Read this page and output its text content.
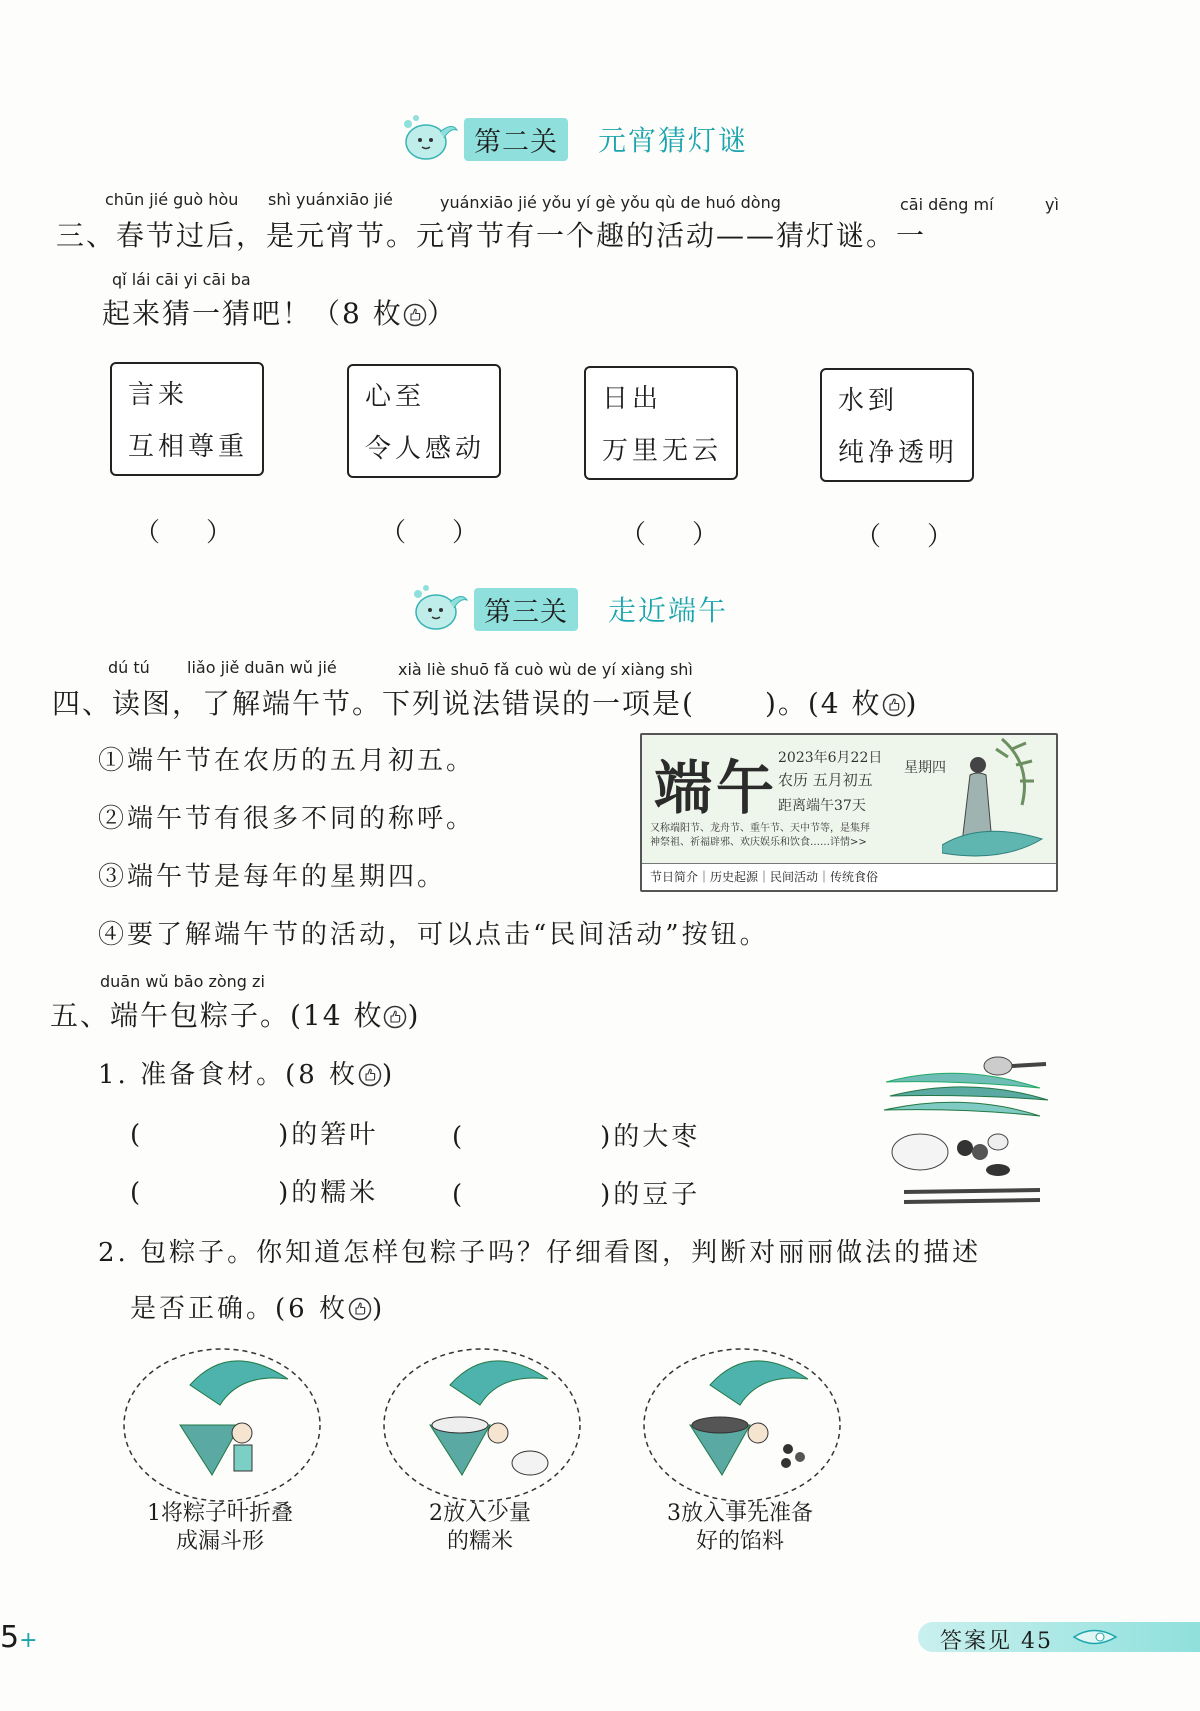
第二关	元宵猜灯谜
chūn jié guò hòu shì yuánxiāo jié	yuánxiāo jié yǒu yí gè yǒu qù de huó dòng	cāi dēng mí	yì
三、春节过后，是元宵节。元宵节有一个趣的活动——猜灯谜。一
qǐ lái cāi yi cāi ba
起来猜一猜吧！（8 枚 ）
言来
互相尊重
心至
令人感动
日出
万里无云
水到
纯净透明
（）	（）	（）	（）
第三关	走近端午
dú tú liǎo jiě duān wǔ jié	xià liè shuō fǎ cuò wù de yí xiàng shì
四、读图，了解端午节。下列说法错误的一项是(	)。(4 枚 )
①端午节在农历的五月初五。
②端午节有很多不同的称呼。
③端午节是每年的星期四。
④要了解端午节的活动，可以点击“民间活动”按钮。
端午 2023年6月22日
星期四
农历 五月初五
距离端午37天
又称端阳节、龙舟节、重午节、天中节等，是集拜
神祭祖、祈福辟邪、欢庆娱乐和饮食……详情>>
节日简介｜历史起源｜民间活动｜传统食俗
duān wǔ bāo zòng zi
五、端午包粽子。(14 枚 )
1. 准备食材。(8 枚 )
(	)的箬叶	(	)的大枣
(	)的糯米	(	)的豆子
2. 包粽子。你知道怎样包粽子吗？仔细看图，判断对丽丽做法的描述
是否正确。(6 枚 )
1将粽子叶折叠
成漏斗形
2放入少量
的糯米
3放入事先准备
好的馅料
5+	答案见 45
